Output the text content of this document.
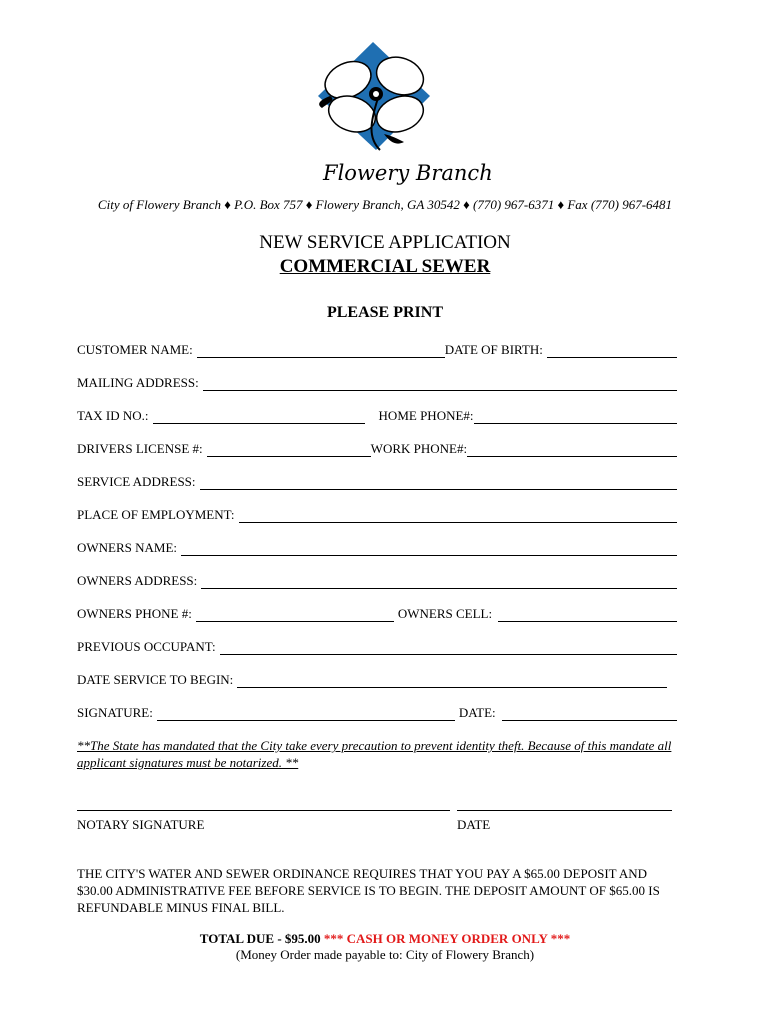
Flowery Branch
City of Flowery Branch ♦ P.O. Box 757 ♦ Flowery Branch, GA 30542 ♦ (770) 967-6371 ♦ Fax (770) 967-6481
NEW SERVICE APPLICATION
COMMERCIAL SEWER
PLEASE PRINT
CUSTOMER NAME:	DATE OF BIRTH:
MAILING ADDRESS:
TAX ID NO.:	HOME PHONE#:
DRIVERS LICENSE #:	WORK PHONE#:
SERVICE ADDRESS:
PLACE OF EMPLOYMENT:
OWNERS NAME:
OWNERS ADDRESS:
OWNERS PHONE #:	OWNERS CELL:
PREVIOUS OCCUPANT:
DATE SERVICE TO BEGIN:
SIGNATURE:	DATE:
**The State has mandated that the City take every precaution to prevent identity theft. Because of this mandate all applicant signatures must be notarized. **
NOTARY SIGNATURE	DATE
THE CITY'S WATER AND SEWER ORDINANCE REQUIRES THAT YOU PAY A $65.00 DEPOSIT AND $30.00 ADMINISTRATIVE FEE BEFORE SERVICE IS TO BEGIN. THE DEPOSIT AMOUNT OF $65.00 IS REFUNDABLE MINUS FINAL BILL.
TOTAL DUE - $95.00 *** CASH OR MONEY ORDER ONLY ***
(Money Order made payable to: City of Flowery Branch)
